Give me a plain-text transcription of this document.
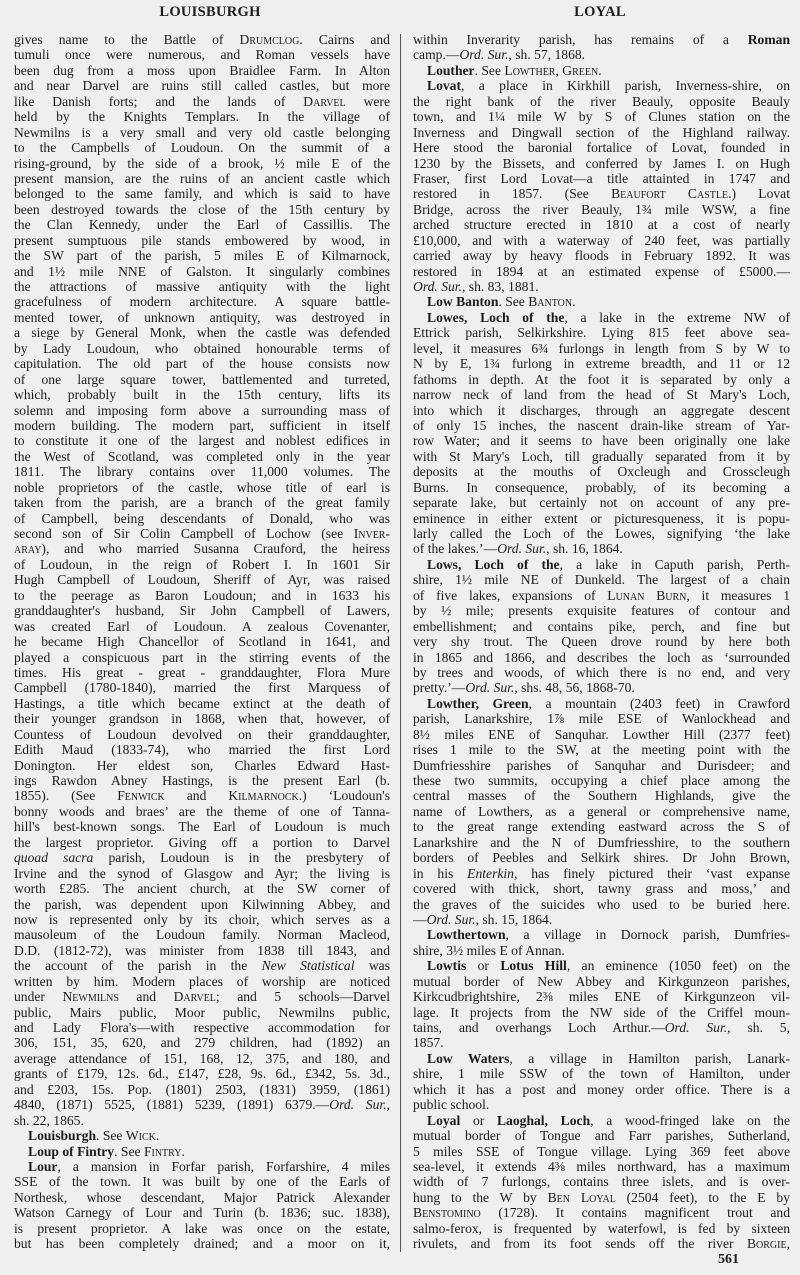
LOUISBURGH	LOYAL
gives name to the Battle of Drumclog. Cairns and
tumuli once were numerous, and Roman vessels have
been dug from a moss upon Braidlee Farm. In Alton
and near Darvel are ruins still called castles, but more
like Danish forts; and the lands of Darvel were
held by the Knights Templars. In the village of
Newmilns is a very small and very old castle belonging
to the Campbells of Loudoun. On the summit of a
rising-ground, by the side of a brook, ½ mile E of the
present mansion, are the ruins of an ancient castle which
belonged to the same family, and which is said to have
been destroyed towards the close of the 15th century by
the Clan Kennedy, under the Earl of Cassillis. The
present sumptuous pile stands embowered by wood, in
the SW part of the parish, 5 miles E of Kilmarnock,
and 1½ mile NNE of Galston. It singularly combines
the attractions of massive antiquity with the light
gracefulness of modern architecture. A square battle-
mented tower, of unknown antiquity, was destroyed in
a siege by General Monk, when the castle was defended
by Lady Loudoun, who obtained honourable terms of
capitulation. The old part of the house consists now
of one large square tower, battlemented and turreted,
which, probably built in the 15th century, lifts its
solemn and imposing form above a surrounding mass of
modern building. The modern part, sufficient in itself
to constitute it one of the largest and noblest edifices in
the West of Scotland, was completed only in the year
1811. The library contains over 11,000 volumes. The
noble proprietors of the castle, whose title of earl is
taken from the parish, are a branch of the great family
of Campbell, being descendants of Donald, who was
second son of Sir Colin Campbell of Lochow (see Inver-
aray), and who married Susanna Crauford, the heiress
of Loudoun, in the reign of Robert I. In 1601 Sir
Hugh Campbell of Loudoun, Sheriff of Ayr, was raised
to the peerage as Baron Loudoun; and in 1633 his
granddaughter's husband, Sir John Campbell of Lawers,
was created Earl of Loudoun. A zealous Covenanter,
he became High Chancellor of Scotland in 1641, and
played a conspicuous part in the stirring events of the
times. His great - great - granddaughter, Flora Mure
Campbell (1780-1840), married the first Marquess of
Hastings, a title which became extinct at the death of
their younger grandson in 1868, when that, however, of
Countess of Loudoun devolved on their granddaughter,
Edith Maud (1833-74), who married the first Lord
Donington. Her eldest son, Charles Edward Hast-
ings Rawdon Abney Hastings, is the present Earl (b.
1855). (See Fenwick and Kilmarnock.) ‘Loudoun's
bonny woods and braes’ are the theme of one of Tanna-
hill's best-known songs. The Earl of Loudoun is much
the largest proprietor. Giving off a portion to Darvel
quoad sacra parish, Loudoun is in the presbytery of
Irvine and the synod of Glasgow and Ayr; the living is
worth £285. The ancient church, at the SW corner of
the parish, was dependent upon Kilwinning Abbey, and
now is represented only by its choir, which serves as a
mausoleum of the Loudoun family. Norman Macleod,
D.D. (1812-72), was minister from 1838 till 1843, and
the account of the parish in the New Statistical was
written by him. Modern places of worship are noticed
under Newmilns and Darvel; and 5 schools—Darvel
public, Mairs public, Moor public, Newmilns public,
and Lady Flora's—with respective accommodation for
306, 151, 35, 620, and 279 children, had (1892) an
average attendance of 151, 168, 12, 375, and 180, and
grants of £179, 12s. 6d., £147, £28, 9s. 6d., £342, 5s. 3d.,
and £203, 15s. Pop. (1801) 2503, (1831) 3959, (1861)
4840, (1871) 5525, (1881) 5239, (1891) 6379.—Ord. Sur.,
sh. 22, 1865.
Louisburgh. See Wick.
Loup of Fintry. See Fintry.
Lour, a mansion in Forfar parish, Forfarshire, 4 miles
SSE of the town. It was built by one of the Earls of
Northesk, whose descendant, Major Patrick Alexander
Watson Carnegy of Lour and Turin (b. 1836; suc. 1838),
is present proprietor. A lake was once on the estate,
but has been completely drained; and a moor on it,
within Inverarity parish, has remains of a Roman
camp.—Ord. Sur., sh. 57, 1868.
Louther. See Lowther, Green.
Lovat, a place in Kirkhill parish, Inverness-shire, on
the right bank of the river Beauly, opposite Beauly
town, and 1¼ mile W by S of Clunes station on the
Inverness and Dingwall section of the Highland railway.
Here stood the baronial fortalice of Lovat, founded in
1230 by the Bissets, and conferred by James I. on Hugh
Fraser, first Lord Lovat—a title attainted in 1747 and
restored in 1857. (See Beaufort Castle.) Lovat
Bridge, across the river Beauly, 1¾ mile WSW, a fine
arched structure erected in 1810 at a cost of nearly
£10,000, and with a waterway of 240 feet, was partially
carried away by heavy floods in February 1892. It was
restored in 1894 at an estimated expense of £5000.—
Ord. Sur., sh. 83, 1881.
Low Banton. See Banton.
Lowes, Loch of the, a lake in the extreme NW of
Ettrick parish, Selkirkshire. Lying 815 feet above sea-
level, it measures 6¾ furlongs in length from S by W to
N by E, 1¾ furlong in extreme breadth, and 11 or 12
fathoms in depth. At the foot it is separated by only a
narrow neck of land from the head of St Mary's Loch,
into which it discharges, through an aggregate descent
of only 15 inches, the nascent drain-like stream of Yar-
row Water; and it seems to have been originally one lake
with St Mary's Loch, till gradually separated from it by
deposits at the mouths of Oxcleugh and Crosscleugh
Burns. In consequence, probably, of its becoming a
separate lake, but certainly not on account of any pre-
eminence in either extent or picturesqueness, it is popu-
larly called the Loch of the Lowes, signifying ‘the lake
of the lakes.’—Ord. Sur., sh. 16, 1864.
Lows, Loch of the, a lake in Caputh parish, Perth-
shire, 1½ mile NE of Dunkeld. The largest of a chain
of five lakes, expansions of Lunan Burn, it measures 1
by ½ mile; presents exquisite features of contour and
embellishment; and contains pike, perch, and fine but
very shy trout. The Queen drove round by here both
in 1865 and 1866, and describes the loch as ‘surrounded
by trees and woods, of which there is no end, and very
pretty.’—Ord. Sur., shs. 48, 56, 1868-70.
Lowther, Green, a mountain (2403 feet) in Crawford
parish, Lanarkshire, 1⅞ mile ESE of Wanlockhead and
8½ miles ENE of Sanquhar. Lowther Hill (2377 feet)
rises 1 mile to the SW, at the meeting point with the
Dumfriesshire parishes of Sanquhar and Durisdeer; and
these two summits, occupying a chief place among the
central masses of the Southern Highlands, give the
name of Lowthers, as a general or comprehensive name,
to the great range extending eastward across the S of
Lanarkshire and the N of Dumfriesshire, to the southern
borders of Peebles and Selkirk shires. Dr John Brown,
in his Enterkin, has finely pictured their ‘vast expanse
covered with thick, short, tawny grass and moss,’ and
the graves of the suicides who used to be buried here.
—Ord. Sur., sh. 15, 1864.
Lowthertown, a village in Dornock parish, Dumfries-
shire, 3½ miles E of Annan.
Lowtis or Lotus Hill, an eminence (1050 feet) on the
mutual border of New Abbey and Kirkgunzeon parishes,
Kirkcudbrightshire, 2⅜ miles ENE of Kirkgunzeon vil-
lage. It projects from the NW side of the Criffel moun-
tains, and overhangs Loch Arthur.—Ord. Sur., sh. 5,
1857.
Low Waters, a village in Hamilton parish, Lanark-
shire, 1 mile SSW of the town of Hamilton, under
which it has a post and money order office. There is a
public school.
Loyal or Laoghal, Loch, a wood-fringed lake on the
mutual border of Tongue and Farr parishes, Sutherland,
5 miles SSE of Tongue village. Lying 369 feet above
sea-level, it extends 4⅜ miles northward, has a maximum
width of 7 furlongs, contains three islets, and is over-
hung to the W by Ben Loyal (2504 feet), to the E by
Benstomino (1728). It contains magnificent trout and
salmo-ferox, is frequented by waterfowl, is fed by sixteen
rivulets, and from its foot sends off the river Borgie,
561
